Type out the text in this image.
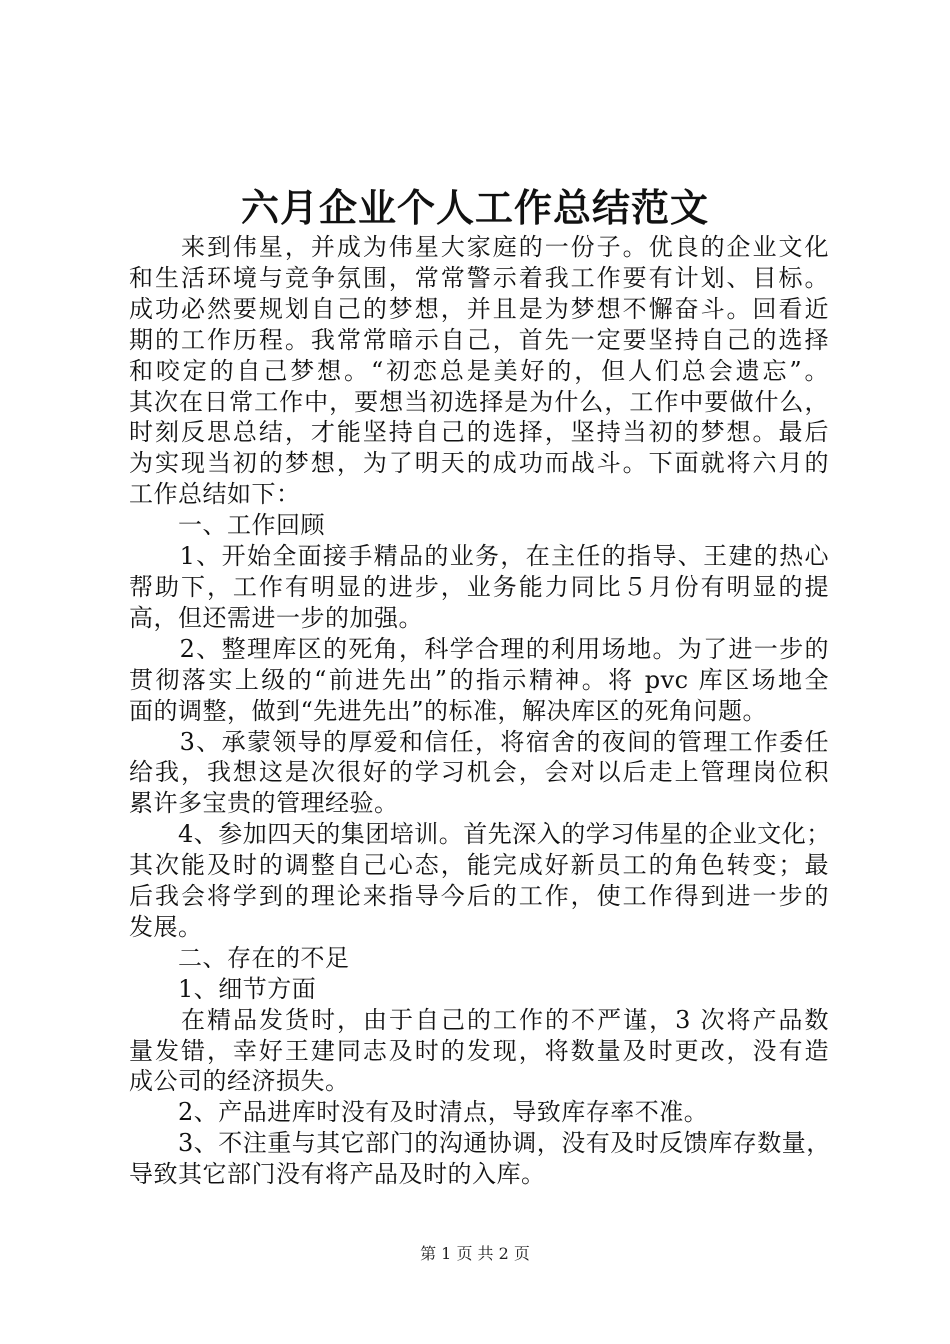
六月企业个人工作总结范文
　　来到伟星，并成为伟星大家庭的一份子。优良的企业文化
和生活环境与竞争氛围，常常警示着我工作要有计划、目标。
成功必然要规划自己的梦想，并且是为梦想不懈奋斗。回看近
期的工作历程。我常常暗示自己，首先一定要坚持自己的选择
和咬定的自己梦想。“初恋总是美好的，但人们总会遗忘”。
其次在日常工作中，要想当初选择是为什么，工作中要做什么，
时刻反思总结，才能坚持自己的选择，坚持当初的梦想。最后
为实现当初的梦想，为了明天的成功而战斗。下面就将六月的
工作总结如下：
　　一、工作回顾
　　1、开始全面接手精品的业务，在主任的指导、王建的热心
帮助下，工作有明显的进步，业务能力同比５月份有明显的提
高，但还需进一步的加强。
　　2、整理库区的死角，科学合理的利用场地。为了进一步的
贯彻落实上级的“前进先出”的指示精神。将 pvc 库区场地全
面的调整，做到“先进先出”的标准，解决库区的死角问题。
　　3、承蒙领导的厚爱和信任，将宿舍的夜间的管理工作委任
给我，我想这是次很好的学习机会，会对以后走上管理岗位积
累许多宝贵的管理经验。
　　4、参加四天的集团培训。首先深入的学习伟星的企业文化；
其次能及时的调整自己心态，能完成好新员工的角色转变；最
后我会将学到的理论来指导今后的工作，使工作得到进一步的
发展。
　　二、存在的不足
　　1、细节方面
　　在精品发货时，由于自己的工作的不严谨，3 次将产品数
量发错，幸好王建同志及时的发现，将数量及时更改，没有造
成公司的经济损失。
　　2、产品进库时没有及时清点，导致库存率不准。
　　3、不注重与其它部门的沟通协调，没有及时反馈库存数量，
导致其它部门没有将产品及时的入库。
第 1 页 共 2 页
